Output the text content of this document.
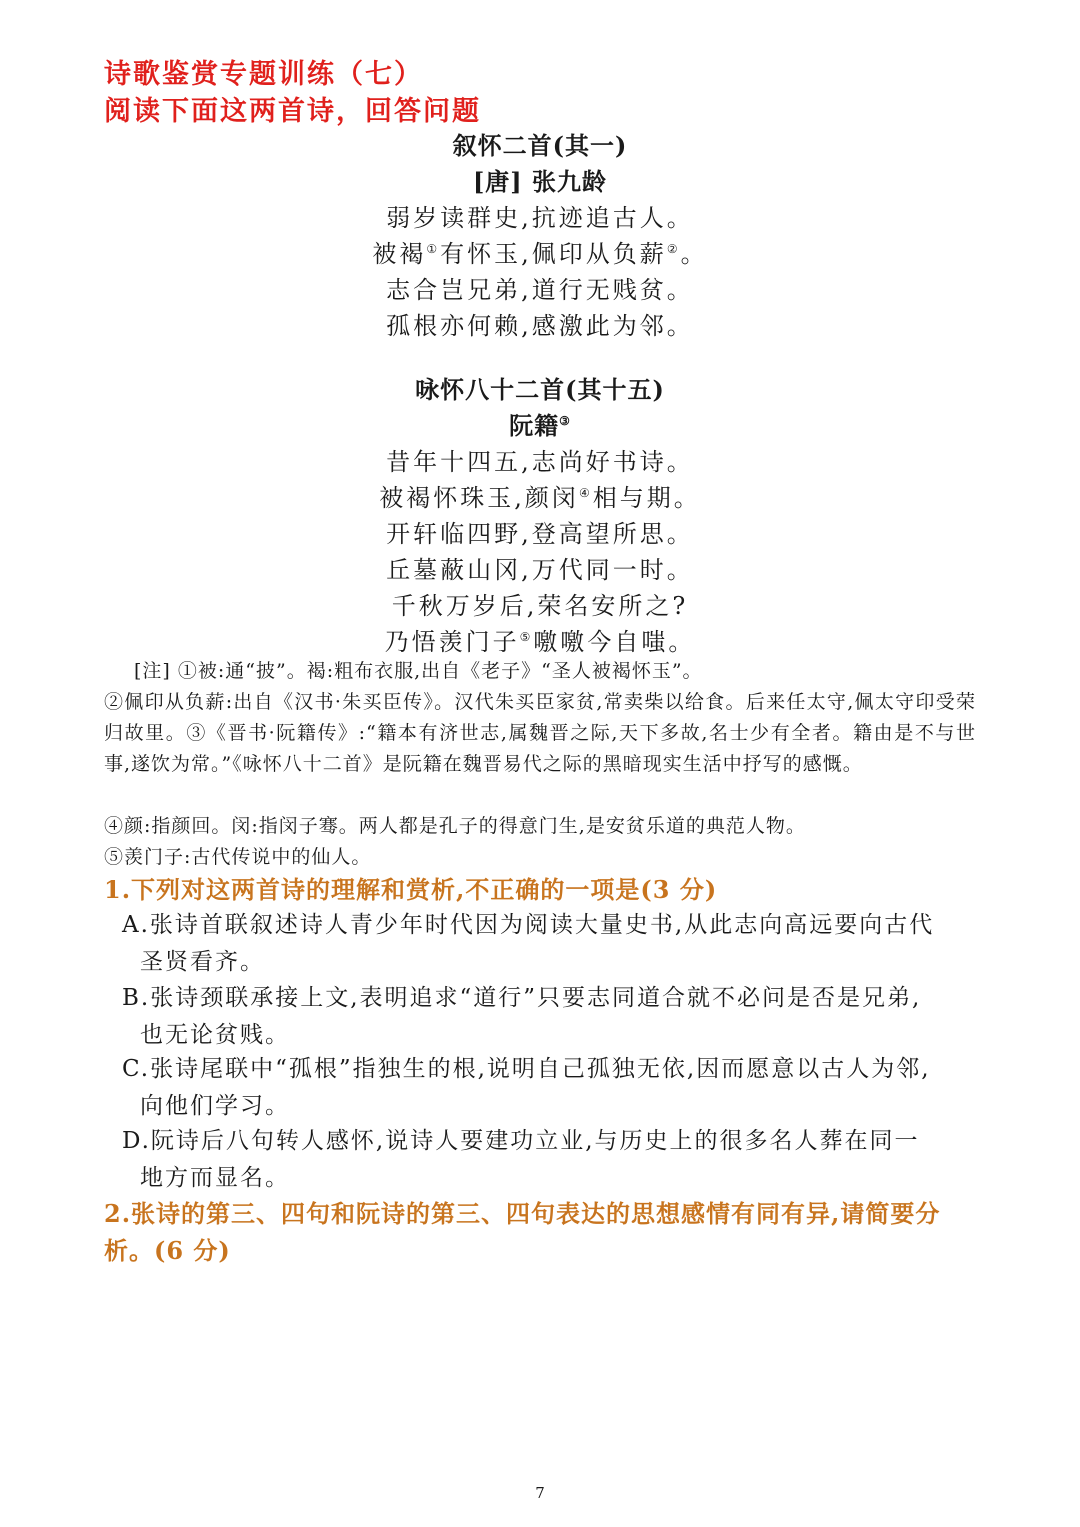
诗歌鉴赏专题训练（七）
阅读下面这两首诗，回答问题
叙怀二首(其一)
[唐] 张九龄
弱岁读群史,抗迹追古人。
被褐①有怀玉,佩印从负薪②。
志合岂兄弟,道行无贱贫。
孤根亦何赖,感激此为邻。
咏怀八十二首(其十五)
阮籍③
昔年十四五,志尚好书诗。
被褐怀珠玉,颜闵④相与期。
开轩临四野,登高望所思。
丘墓蔽山冈,万代同一时。
千秋万岁后,荣名安所之?
乃悟羡门子⑤噭噭今自嗤。
[注] ①被:通“披”。褐:粗布衣服,出自《老子》“圣人被褐怀玉”。
②佩印从负薪:出自《汉书·朱买臣传》。汉代朱买臣家贫,常卖柴以给食。后来任太守,佩太守印受荣归故里。③《晋书·阮籍传》:“籍本有济世志,属魏晋之际,天下多故,名士少有全者。籍由是不与世事,遂饮为常。”《咏怀八十二首》是阮籍在魏晋易代之际的黑暗现实生活中抒写的感慨。
④颜:指颜回。闵:指闵子骞。两人都是孔子的得意门生,是安贫乐道的典范人物。
⑤羡门子:古代传说中的仙人。
1.下列对这两首诗的理解和赏析,不正确的一项是(3 分)
A.张诗首联叙述诗人青少年时代因为阅读大量史书,从此志向高远要向古代
圣贤看齐。
B.张诗颈联承接上文,表明追求“道行”只要志同道合就不必问是否是兄弟,
也无论贫贱。
C.张诗尾联中“孤根”指独生的根,说明自己孤独无依,因而愿意以古人为邻,
向他们学习。
D.阮诗后八句转人感怀,说诗人要建功立业,与历史上的很多名人葬在同一
地方而显名。
2.张诗的第三、四句和阮诗的第三、四句表达的思想感情有同有异,请简要分析。(6 分)
7
